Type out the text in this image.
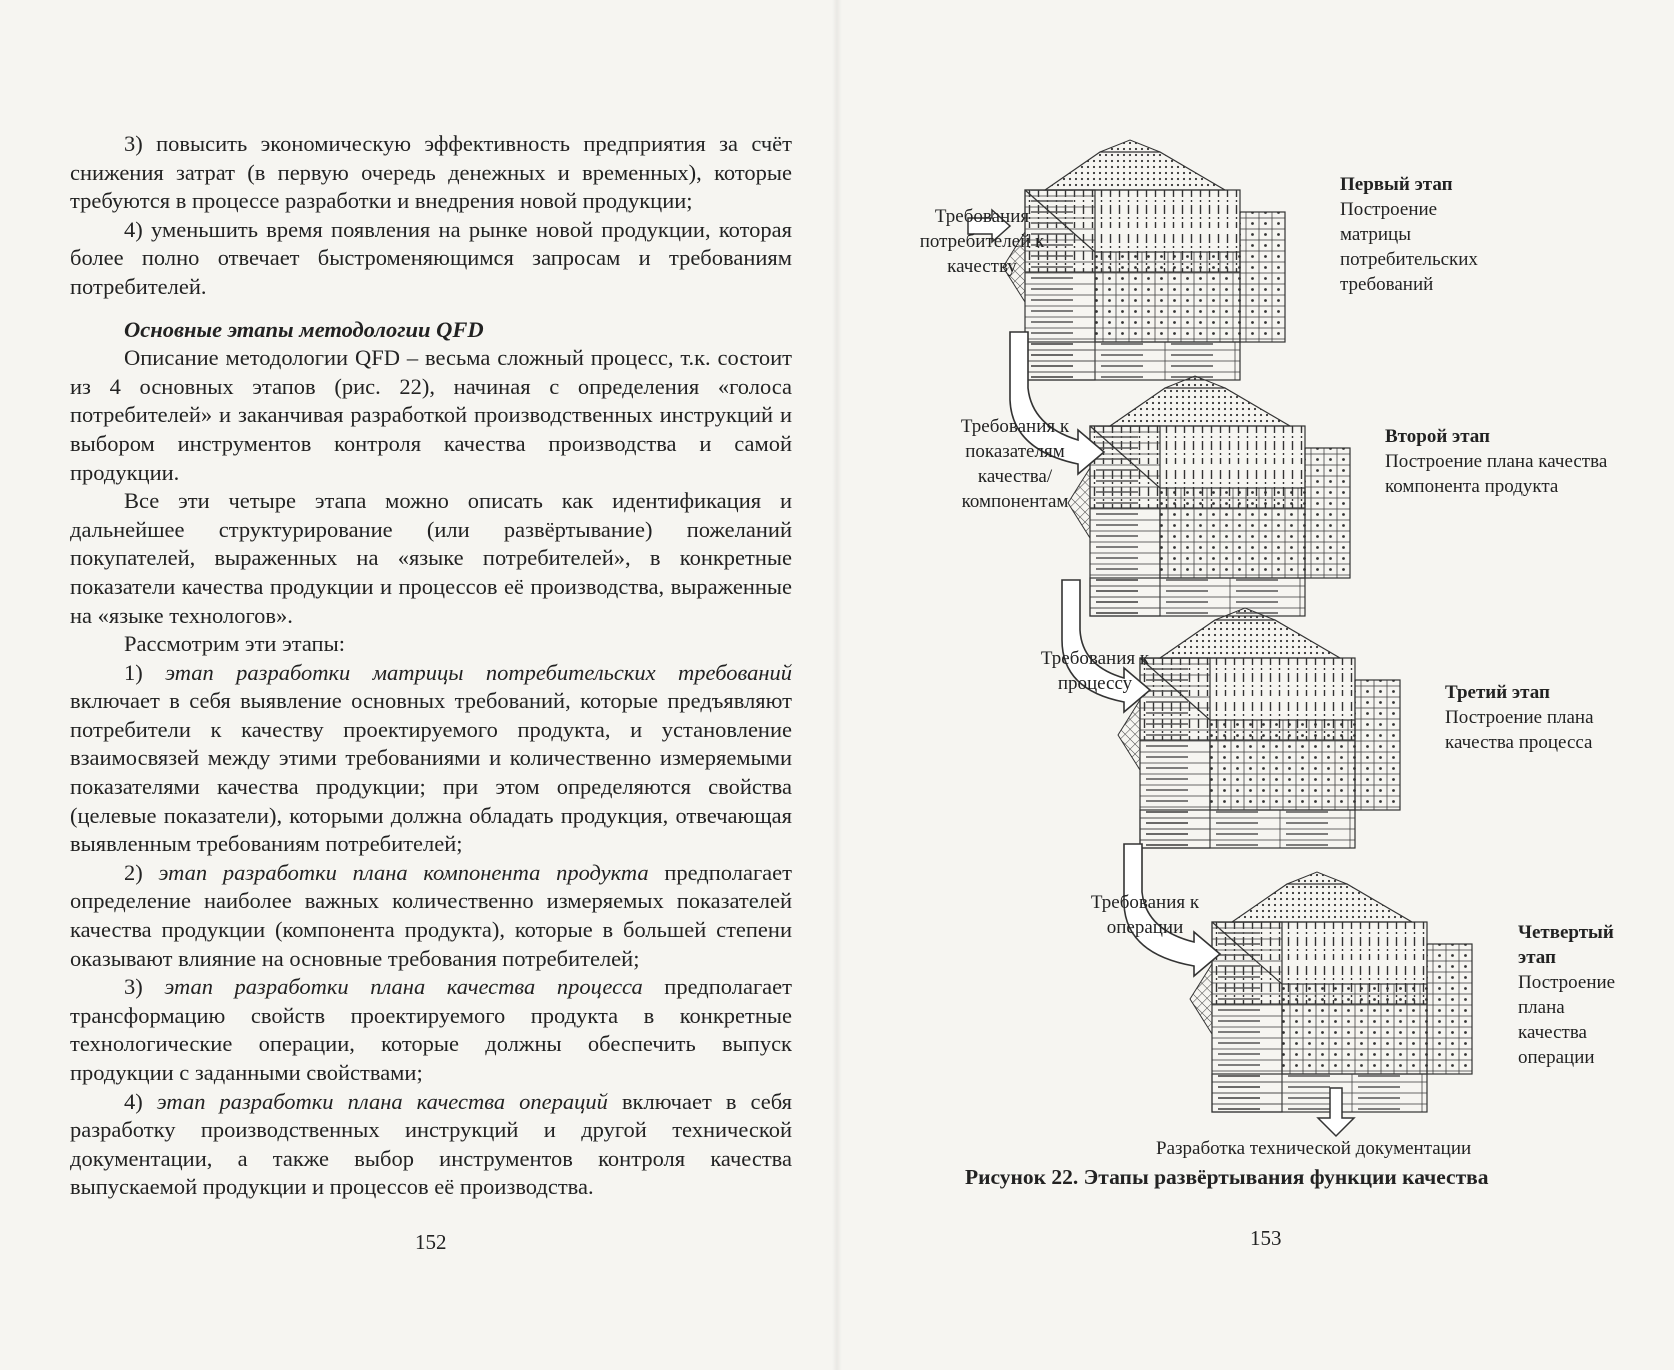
3) повысить экономическую эффективность предприятия за счёт снижения затрат (в первую очередь денежных и временных), которые требуются в процессе разработки и внедрения новой продукции;

4) уменьшить время появления на рынке новой продукции, которая более полно отвечает быстроменяющимся запросам и требованиям потребителей.

Основные этапы методологии QFD

Описание методологии QFD – весьма сложный процесс, т.к. состоит из 4 основных этапов (рис. 22), начиная с определения «голоса потребителей» и заканчивая разработкой производственных инструкций и выбором инструментов контроля качества производства и самой продукции.

Все эти четыре этапа можно описать как идентификация и дальнейшее структурирование (или развёртывание) пожеланий покупателей, выраженных на «языке потребителей», в конкретные показатели качества продукции и процессов её производства, выраженные на «языке технологов».

Рассмотрим эти этапы:

1) этап разработки матрицы потребительских требований включает в себя выявление основных требований, которые предъявляют потребители к качеству проектируемого продукта, и установление взаимосвязей между этими требованиями и количественно измеряемыми показателями качества продукции; при этом определяются свойства (целевые показатели), которыми должна обладать продукция, отвечающая выявленным требованиям потребителей;

2) этап разработки плана компонента продукта предполагает определение наиболее важных количественно измеряемых показателей качества продукции (компонента продукта), которые в большей степени оказывают влияние на основные требования потребителей;

3) этап разработки плана качества процесса предполагает трансформацию свойств проектируемого продукта в конкретные технологические операции, которые должны обеспечить выпуск продукции с заданными свойствами;

4) этап разработки плана качества операций включает в себя разработку производственных инструкций и другой технической документации, а также выбор инструментов контроля качества выпускаемой продукции и процессов её производства.

152
Требования потребителей к качеству
Требования к показателям качества/компонентам
Требования к процессу
Требования к операции
Первый этап
Построение матрицы потребительских требований
Второй этап
Построение плана качества компонента продукта
Третий этап
Построение плана качества процесса
Четвертый этап
Построение плана качества операции
Разработка технической документации
Рисунок 22. Этапы развёртывания функции качества
153
